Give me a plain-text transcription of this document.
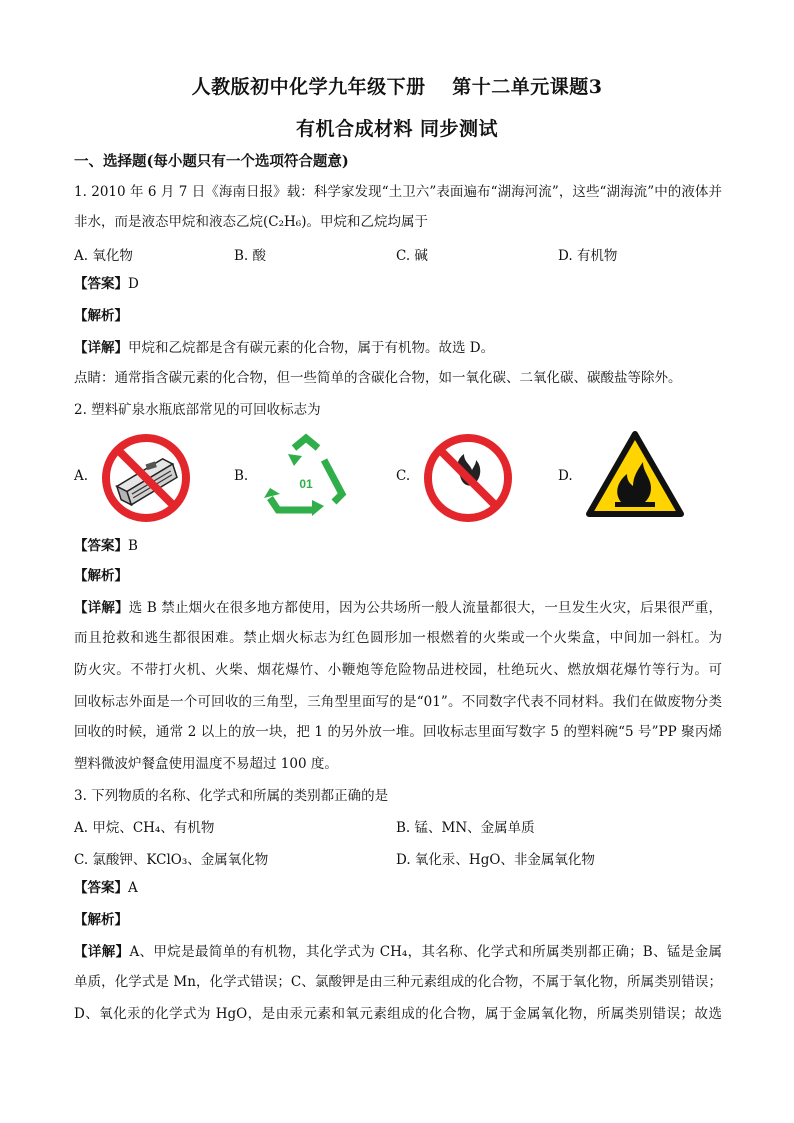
人教版初中化学九年级下册　 第十二单元课题3
有机合成材料 同步测试
一、选择题(每小题只有一个选项符合题意)
1. 2010 年 6 月 7 日《海南日报》载：科学家发现“土卫六”表面遍布“湖海河流”，这些“湖海流”中的液体并
非水，而是液态甲烷和液态乙烷(C₂H₆)。甲烷和乙烷均属于
A. 氧化物	B. 酸	C. 碱	D. 有机物
【答案】D
【解析】
【详解】甲烷和乙烷都是含有碳元素的化合物，属于有机物。故选 D。
点睛：通常指含碳元素的化合物，但一些简单的含碳化合物，如一氧化碳、二氧化碳、碳酸盐等除外。
2. 塑料矿泉水瓶底部常见的可回收标志为
A.	B.	01	C.	D.
【答案】B
【解析】
【详解】选 B 禁止烟火在很多地方都使用，因为公共场所一般人流量都很大，一旦发生火灾，后果很严重，
而且抢救和逃生都很困难。禁止烟火标志为红色圆形加一根燃着的火柴或一个火柴盒，中间加一斜杠。为
防火灾。不带打火机、火柴、烟花爆竹、小鞭炮等危险物品进校园，杜绝玩火、燃放烟花爆竹等行为。可
回收标志外面是一个可回收的三角型，三角型里面写的是“01”。不同数字代表不同材料。我们在做废物分类
回收的时候，通常 2 以上的放一块，把 1 的另外放一堆。回收标志里面写数字 5 的塑料碗“5 号”PP 聚丙烯
塑料微波炉餐盒使用温度不易超过 100 度。
3. 下列物质的名称、化学式和所属的类别都正确的是
A. 甲烷、CH₄、有机物	B. 锰、MN、金属单质
C. 氯酸钾、KClO₃、金属氧化物	D. 氧化汞、HgO、非金属氧化物
【答案】A
【解析】
【详解】A、甲烷是最简单的有机物，其化学式为 CH₄，其名称、化学式和所属类别都正确；B、锰是金属
单质，化学式是 Mn，化学式错误；C、氯酸钾是由三种元素组成的化合物，不属于氧化物，所属类别错误；
D、氧化汞的化学式为 HgO，是由汞元素和氧元素组成的化合物，属于金属氧化物，所属类别错误；故选
